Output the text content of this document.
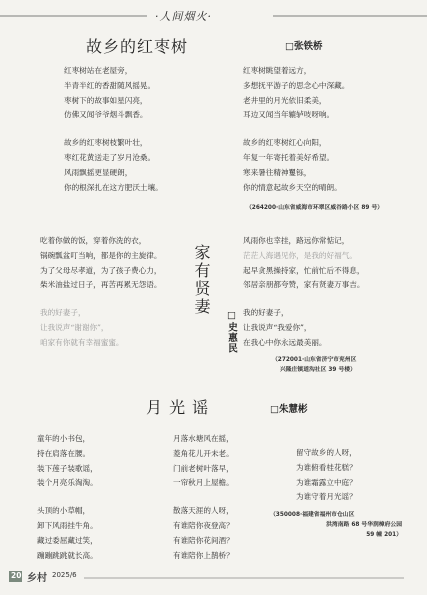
·人间烟火·
故乡的红枣树	□张铁桥
红枣树站在老屋旁，
半青半红的香甜随风摇晃。
枣树下的故事如星闪亮，
仿佛又闻爷爷烟斗飘香。
故乡的红枣树枝繁叶壮，
枣红花黄送走了岁月沧桑。
风雨飘摇更显硬朗，
你的根深扎在这方肥沃土壤。
红枣树眺望着远方，
多想抚平游子的思念心中深藏。
老井里的月光依旧柔美，
耳边又闻当年辘轳吱呀响。
故乡的红枣树红心向阳，
年复一年寄托着美好希望。
寒来暑往精神矍铄，
你的情意起故乡天空的晴朗。
（264200·山东省威海市环翠区威谷路小区 89 号）
吃着你做的饭，穿着你洗的衣，
锅碗瓢盆叮当响，都是你的主旋律。
为了父母尽孝道，为了孩子费心力，
柴米油盐过日子，再苦再累无怨语。
我的好妻子，
让我说声“谢谢你”，
咱家有你就有幸福蜜蜜。
家有贤妻
□史惠民
风雨你也幸挂，路远你常惦记，
茫茫人海遇见你，是我的好福气。
起早贪黑操持家，忙前忙后不得息，
邻居亲朋都夸赞，家有贤妻万事吉。
我的好妻子，
让我说声“我爱你”，
在我心中你永远最美丽。
（272001·山东省济宁市兖州区
兴隆庄镇道沟社区 39 号楼）
月 光 谣	□朱慧彬
童年的小书包，
持在肩落在腰。
装下莲子装歌谣，
装个月亮乐淘淘。
头顶的小草帽，
卸下风雨挂牛角。
藏过委屈藏过笑，
蹦蹦跳跳就长高。
月落水塘风在摇，
菱角花儿开未老。
门前老树叶落早，
一帘秋月上屋檐。
散落天涯的人呀，
有谁陪你夜登高？
有谁陪你花间酒？
有谁陪你上鹊桥？
留守故乡的人呀，
为谁俯看桂花糕？
为谁霜露立中庭？
为谁守着月光谣？
（350008·福建省福州市仓山区
洪湾南路 68 号华润樟府公园
59 幢 201）
20 乡村 2025/6
